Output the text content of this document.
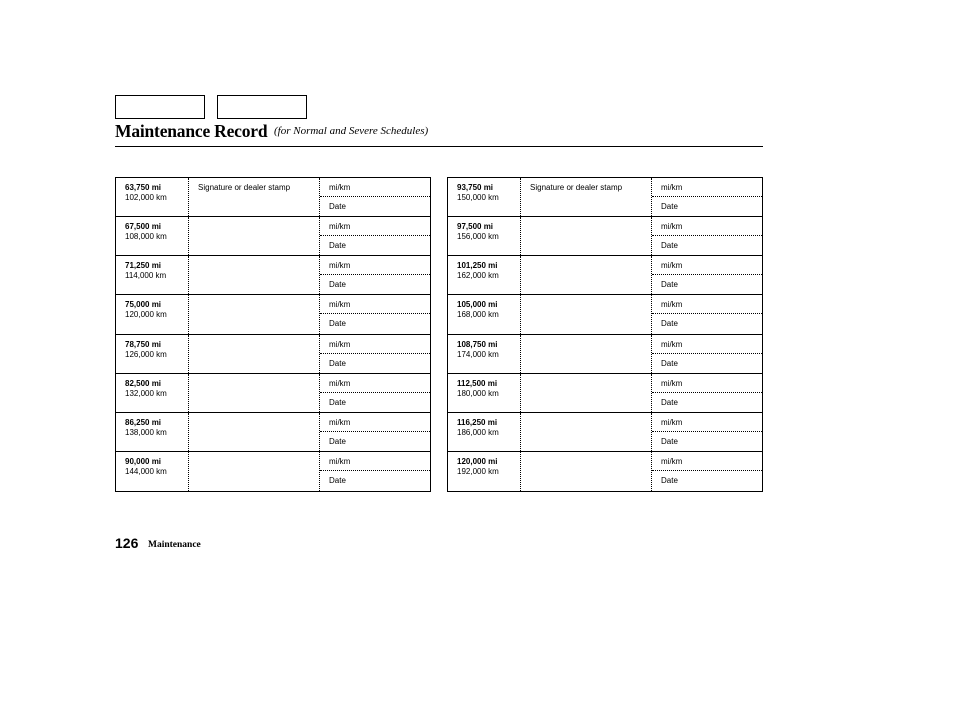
Maintenance Record (for Normal and Severe Schedules)
63,750 mi
102,000 km
Signature or dealer stamp	mi/km
Date
67,500 mi
108,000 km
mi/km
Date
71,250 mi
114,000 km
mi/km
Date
75,000 mi
120,000 km
mi/km
Date
78,750 mi
126,000 km
mi/km
Date
82,500 mi
132,000 km
mi/km
Date
86,250 mi
138,000 km
mi/km
Date
90,000 mi
144,000 km
mi/km
Date
93,750 mi
150,000 km
Signature or dealer stamp	mi/km
Date
97,500 mi
156,000 km
mi/km
Date
101,250 mi
162,000 km
mi/km
Date
105,000 mi
168,000 km
mi/km
Date
108,750 mi
174,000 km
mi/km
Date
112,500 mi
180,000 km
mi/km
Date
116,250 mi
186,000 km
mi/km
Date
120,000 mi
192,000 km
mi/km
Date
126 Maintenance
